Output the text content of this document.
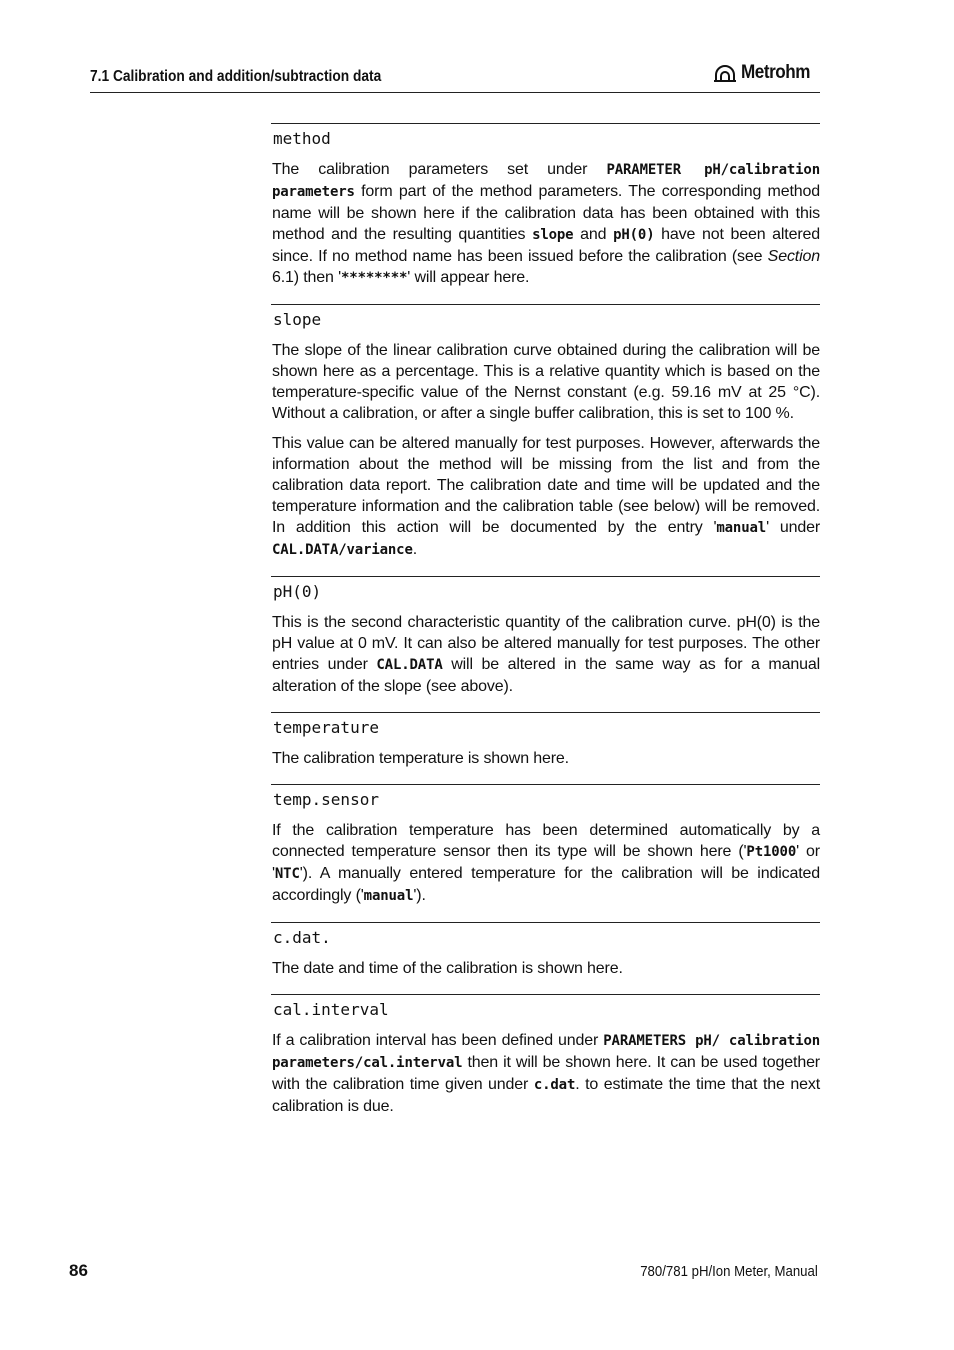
7.1 Calibration and addition/subtraction data	Metrohm
method

The calibration parameters set under PARAMETER pH/calibration parameters form part of the method parameters. The corresponding method name will be shown here if the calibration data has been obtained with this method and the resulting quantities slope and pH(0) have not been altered since. If no method name has been issued before the calibration (see Section 6.1) then '********' will appear here.

slope

The slope of the linear calibration curve obtained during the calibration will be shown here as a percentage. This is a relative quantity which is based on the temperature-specific value of the Nernst constant (e.g. 59.16 mV at 25 °C). Without a calibration, or after a single buffer calibration, this is set to 100 %.

This value can be altered manually for test purposes. However, afterwards the information about the method will be missing from the list and from the calibration data report. The calibration date and time will be updated and the temperature information and the calibration table (see below) will be removed. In addition this action will be documented by the entry 'manual' under CAL.DATA/variance.

pH(0)

This is the second characteristic quantity of the calibration curve. pH(0) is the pH value at 0 mV. It can also be altered manually for test purposes. The other entries under CAL.DATA will be altered in the same way as for a manual alteration of the slope (see above).

temperature

The calibration temperature is shown here.

temp.sensor

If the calibration temperature has been determined automatically by a connected temperature sensor then its type will be shown here ('Pt1000' or 'NTC'). A manually entered temperature for the calibration will be indicated accordingly ('manual').

c.dat.

The date and time of the calibration is shown here.

cal.interval

If a calibration interval has been defined under PARAMETERS pH/ calibration parameters/cal.interval then it will be shown here. It can be used together with the calibration time given under c.dat. to estimate the time that the next calibration is due.

86	780/781 pH/Ion Meter, Manual
